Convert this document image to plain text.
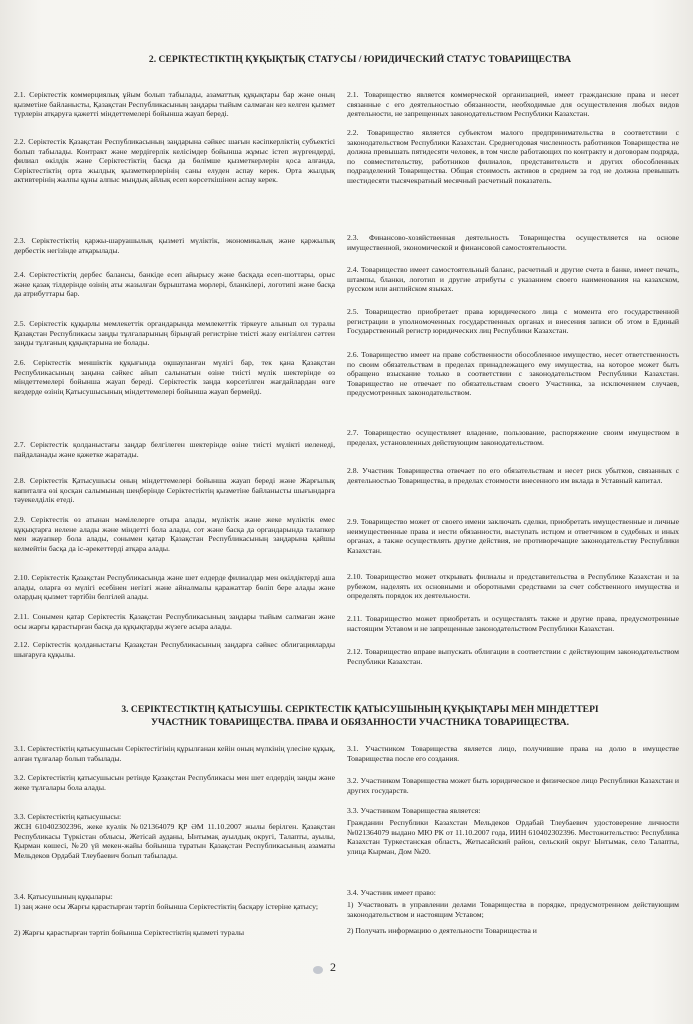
2. СЕРІКТЕСТІКТІҢ ҚҰҚЫҚТЫҚ СТАТУСЫ / ЮРИДИЧЕСКИЙ СТАТУС ТОВАРИЩЕСТВА

2.1. Серіктестік коммерциялық ұйым болып табылады, азаматтық құқықтары бар және оның қызметіне байланысты, Қазақстан Республикасының заңдары тыйым салмаған кез келген қызмет түрлерін атқаруға қажетті міндеттемелері бойынша жауап береді.

2.2. Серіктестік Қазақстан Республикасының заңдарына сәйкес шағын кәсіпкерліктің субъектісі болып табылады. Контракт және мердігерлік келісімдер бойынша жұмыс істеп жүргендерді, филиал өкілдік және Серіктестіктің басқа да бөлімше қызметкерлерін қоса алғанда, Серіктестіктің орта жылдық қызметкерлерінің саны елуден аспау керек. Орта жылдық активтерінің жалпы құны алпыс мыңдық айлық есеп көрсеткішінен аспау керек.

2.3. Серіктестіктің қаржы-шаруашылық қызметі мүліктік, экономикалық және қаржылық дербестік негізінде атқарылады.

2.4. Серіктестіктің дербес балансы, банкіде есеп айырысу және басқада есеп-шоттары, орыс және қазақ тілдерінде өзінің аты жазылған бұрыштама мөрлері, бланкілері, логотипі және басқа да атрибуттары бар.

2.5. Серіктестік құқырлы мемлекеттік органдарында мемлекеттік тіркеуге алынып ол туралы Қазақстан Республикасы заңды тұлғаларының бірыңғай регистріне тиісті жазу енгізілген сәттен заңды тұлғаның құқықтарына ие болады.

2.6. Серіктестік меншіктік құқығында оқшауланған мүлігі бар, тек қана Қазақстан Республикасының заңына сәйкес айып салынатын өзіне тиісті мүлік шектерінде өз міндеттемелері бойынша жауап береді. Серіктестік заңда көрсетілген жағдайлардан өзге кездерде өзінің Қатысушысының міндеттемелері бойынша жауап бермейді.

2.7. Серіктестік қолданыстағы заңдар белгілеген шектерінде өзіне тиісті мүлікті иеленеді, пайдаланады және қажетке жаратады.

2.8. Серіктестік Қатысушысы оның міндеттемелері бойынша жауап береді және Жарғылық капиталға өзі қосқан салымының шеңберінде Серіктестіктің қызметіне байланысты шығындарға тәуекелділік етеді.

2.9. Серіктестік өз атынан мәмілелерге отыра алады, мүліктік және жеке мүліктік емес құқықтарға иелене алады және міндетті бола алады, сот және басқа да органдарында талапкер мен жауапкер бола алады, сонымен қатар Қазақстан Республикасының заңдарына қайшы келмейтін басқа да іс-әрекеттерді атқара алады.

2.10. Серіктестік Қазақстан Республикасында және шет елдерде филиалдар мен өкілдіктерді аша алады, оларға өз мүлігі есебінен негізгі және айналмалы қаражаттар бөліп бере алады және олардың қызмет тәртібін белгілей алады.

2.11. Сонымен қатар Серіктестік Қазақстан Республикасының заңдары тыйым салмаған және осы жарғы қарастырған басқа да құқықтарды жүзеге асыра алады.

2.12. Серіктестік қолданыстағы Қазақстан Республикасының заңдарға сәйкес облигацияларды шығаруға құқылы.

2.1. Товарищество является коммерческой организацией, имеет гражданские права и несет связанные с его деятельностью обязанности, необходимые для осуществления любых видов деятельности, не запрещенных законодательством Республики Казахстан.

2.2. Товарищество является субъектом малого предпринимательства в соответствии с законодательством Республики Казахстан. Среднегодовая численность работников Товарищества не должна превышать пятидесяти человек, в том числе работающих по контракту и договорам подряда, по совместительству, работников филиалов, представительств и других обособленных подразделений Товарищества. Общая стоимость активов в среднем за год не должна превышать шестидесяти тысячекратный месячный расчетный показатель.

2.3. Финансово-хозяйственная деятельность Товарищества осуществляется на основе имущественной, экономической и финансовой самостоятельности.

2.4. Товарищество имеет самостоятельный баланс, расчетный и другие счета в банке, имеет печать, штампы, бланки, логотип и другие атрибуты с указанием своего наименования на казахском, русском или английском языках.

2.5. Товарищество приобретает права юридического лица с момента его государственной регистрации в уполномоченных государственных органах и внесения записи об этом в Единый Государственный регистр юридических лиц Республики Казахстан.

2.6. Товарищество имеет на праве собственности обособленное имущество, несет ответственность по своим обязательствам в пределах принадлежащего ему имущества, на которое может быть обращено взыскание только в соответствии с законодательством Республики Казахстан. Товарищество не отвечает по обязательствам своего Участника, за исключением случаев, предусмотренных законодательством.

2.7. Товарищество осуществляет владение, пользование, распоряжение своим имуществом в пределах, установленных действующим законодательством.

2.8. Участник Товарищества отвечает по его обязательствам и несет риск убытков, связанных с деятельностью Товарищества, в пределах стоимости внесенного им вклада в Уставный капитал.

2.9. Товарищество может от своего имени заключать сделки, приобретать имущественные и личные неимущественные права и нести обязанности, выступать истцом и ответчиком в судебных и иных органах, а также осуществлять другие действия, не противоречащие законодательству Республики Казахстан.

2.10. Товарищество может открывать филиалы и представительства в Республике Казахстан и за рубежом, наделять их основными и оборотными средствами за счет собственного имущества и определять порядок их деятельности.

2.11. Товарищество может приобретать и осуществлять также и другие права, предусмотренные настоящим Уставом и не запрещенные законодательством Республики Казахстан.

2.12. Товарищество вправе выпускать облигации в соответствии с действующим законодательством Республики Казахстан.

3. СЕРІКТЕСТІКТІҢ ҚАТЫСУШЫ. СЕРІКТЕСТІК ҚАТЫСУШЫНЫҢ ҚҰҚЫҚТАРЫ МЕН МІНДЕТТЕРІ
УЧАСТНИК ТОВАРИЩЕСТВА. ПРАВА И ОБЯЗАННОСТИ УЧАСТНИКА ТОВАРИЩЕСТВА.

3.1. Серіктестіктің қатысушысын Серіктестігінің құрылғанан кейін оның мүлкінің үлесіне құқық, алған тұлғалар болып табылады.

3.2. Серіктестіктің қатысушысын ретінде Қазақстан Республикасы мен шет елдердің заңды және жеке тұлғалары бола алады.

3.3. Серіктестіктің қатысушысы:

ЖСН 610402302396, жеке куәлік №021364079 ҚР ӘМ 11.10.2007 жылы берілген. Қазақстан Республикасы Түркістан облысы, Жетісай ауданы, Ынтымақ ауылдық округі, Талапты, ауылы, Қырман көшесі, №20 үй мекен-жайы бойынша тұратын Қазақстан Республикасының азаматы Мельдеков Ордабай Тлеубаевич болып табылады.

3.4. Қатысушының құқылары:

1) заң және осы Жарғы қарастырған тәртіп бойынша Серіктестіктің басқару істеріне қатысу;

2) Жарғы қарастырған тәртіп бойынша Серіктестіктің қызметі туралы

3.1. Участником Товарищества является лицо, получившие права на долю в имуществе Товарищества после его создания.

3.2. Участником Товарищества может быть юридическое и физическое лицо Республики Казахстан и других государств.

3.3. Участником Товарищества является:

Гражданин Республики Казахстан Мельдеков Ордабай Тлеубаевич удостоверение личности №021364079 выдано МЮ РК от 11.10.2007 года, ИИН 610402302396. Местожительство: Республика Казахстан Туркестанская область, Жетысайский район, сельский округ Ынтымак, село Талапты, улица Кырман, Дом №20.

3.4. Участник имеет право:

1) Участвовать в управлении делами Товарищества в порядке, предусмотренном действующим законодательством и настоящим Уставом;

2) Получать информацию о деятельности Товарищества и

2
